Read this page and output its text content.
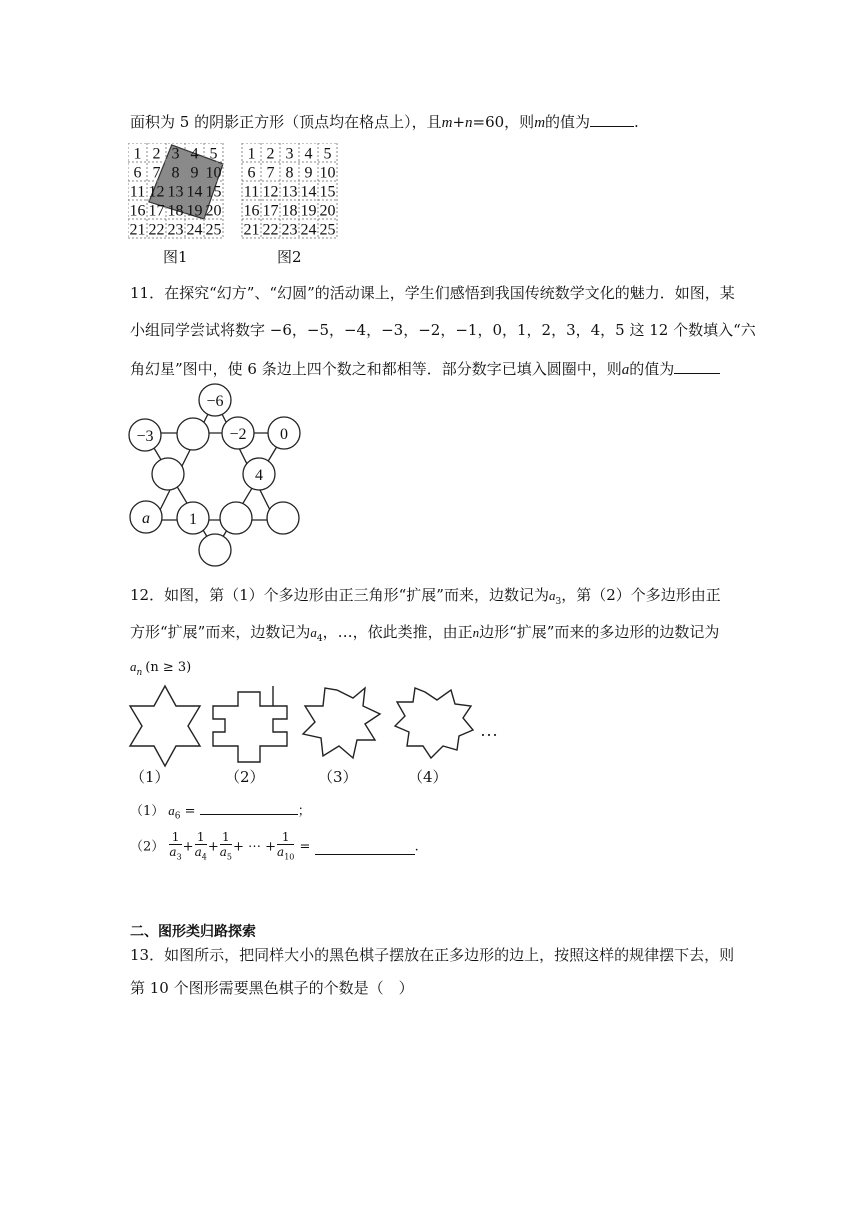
面积为 5 的阴影正方形（顶点均在格点上），且m+n=60，则m的值为	.
1 2 3 4 5
6 7 8 9 10
11 12 13 14 15
16 17 18 19 20
21 22 23 24 25
1 2 3 4 5
6 7 8 9 10
11 12 13 14 15
16 17 18 19 20
21 22 23 24 25
图1	图2
11．在探究“幻方”、“幻圆”的活动课上，学生们感悟到我国传统数学文化的魅力．如图，某
小组同学尝试将数字 −6，−5，−4，−3，−2，−1，0，1，2，3，4，5 这 12 个数填入“六
角幻星”图中，使 6 条边上四个数之和都相等．部分数字已填入圆圈中，则a的值为
−6
−3	−2 0
4
a 1
12．如图，第（1）个多边形由正三角形“扩展”而来，边数记为$a_3$，第（2）个多边形由正
方形“扩展”而来，边数记为$a_4$，…，依此类推，由正n边形“扩展”而来的多边形的边数记为
$a_n$ (n ≥ 3)
…
（1）	（2）	（3）	（4）
（1） $a_6$ =	；
$(2) \frac{1}{a_3} + \frac{1}{a_4} + \frac{1}{a_5}$ + ⋯ + $\frac{1}{a_{10}}$ =	.
二、图形类归路探索
13．如图所示，把同样大小的黑色棋子摆放在正多边形的边上，按照这样的规律摆下去，则
第 10 个图形需要黑色棋子的个数是（　）
